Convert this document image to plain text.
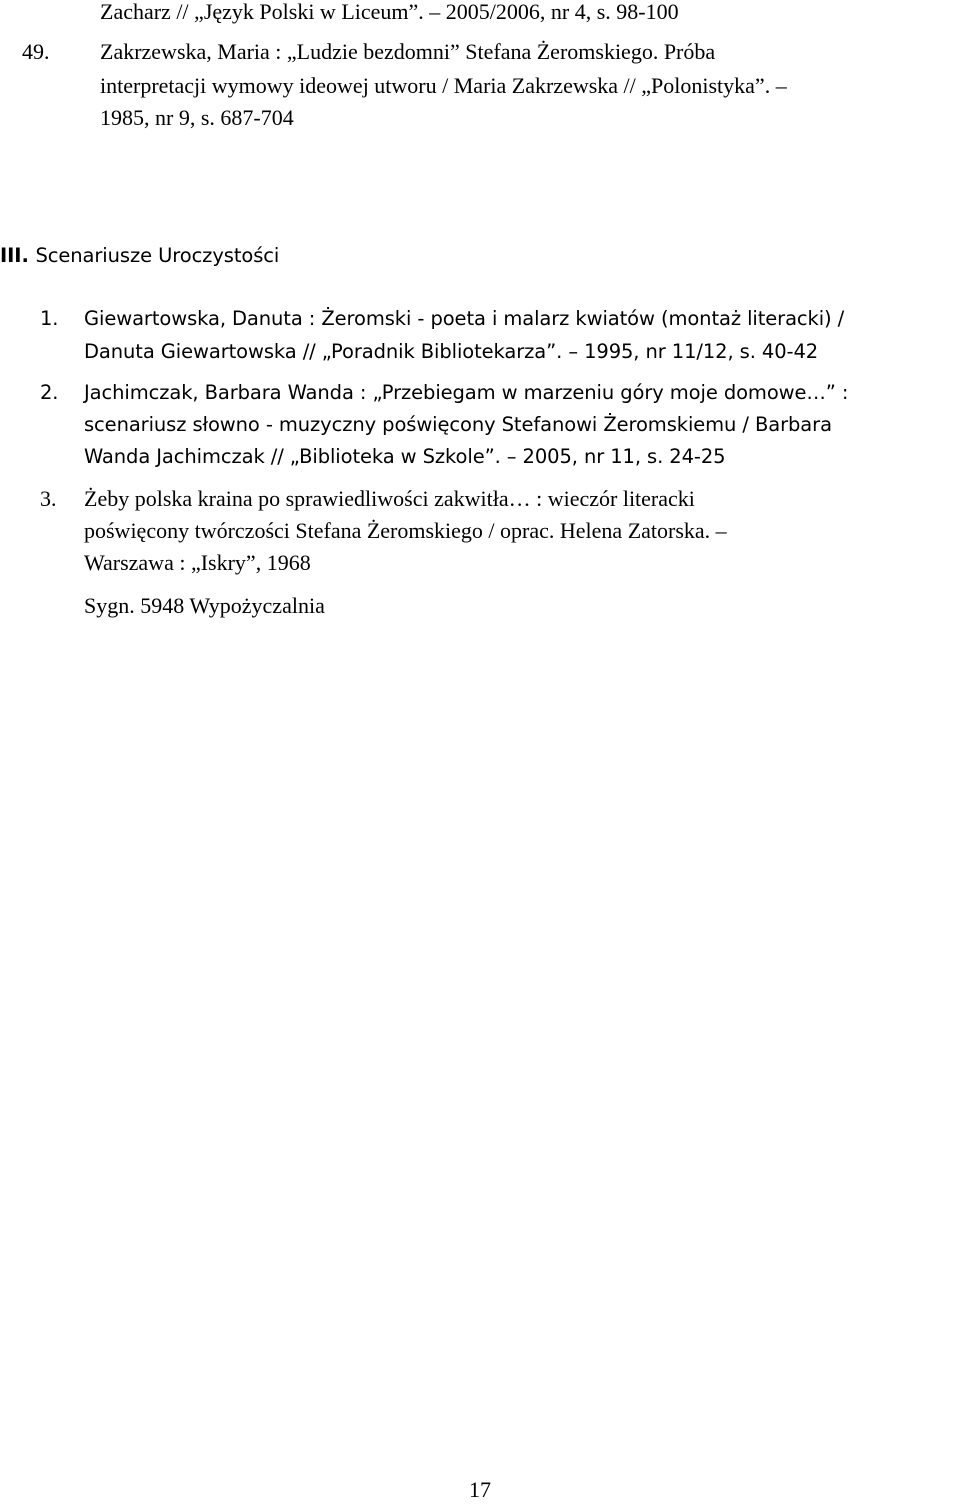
Zacharz // „Język Polski w Liceum”. – 2005/2006, nr 4, s. 98-100
49. Zakrzewska, Maria : „Ludzie bezdomni” Stefana Żeromskiego. Próba
interpretacji wymowy ideowej utworu / Maria Zakrzewska // „Polonistyka”. –
1985, nr 9, s. 687-704
III. Scenariusze Uroczystości
1. Giewartowska, Danuta : Żeromski - poeta i malarz kwiatów (montaż literacki) /
Danuta Giewartowska // „Poradnik Bibliotekarza”. – 1995, nr 11/12, s. 40-42
2. Jachimczak, Barbara Wanda : „Przebiegam w marzeniu góry moje domowe…” :
scenariusz słowno - muzyczny poświęcony Stefanowi Żeromskiemu / Barbara
Wanda Jachimczak // „Biblioteka w Szkole”. – 2005, nr 11, s. 24-25
3. Żeby polska kraina po sprawiedliwości zakwitła… : wieczór literacki
poświęcony twórczości Stefana Żeromskiego / oprac. Helena Zatorska. –
Warszawa : „Iskry”, 1968
Sygn. 5948 Wypożyczalnia
17
